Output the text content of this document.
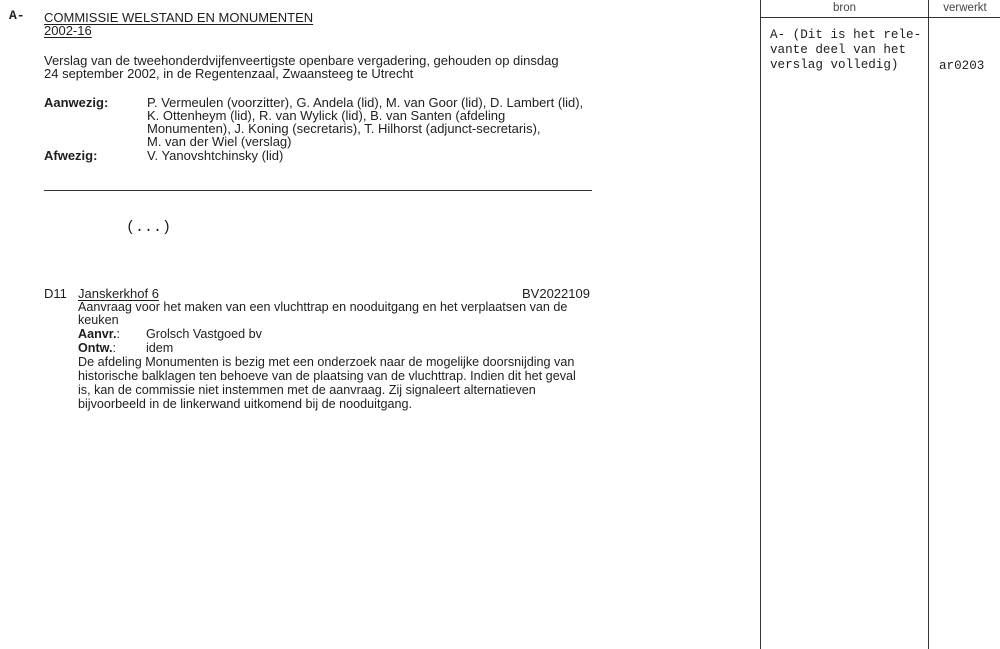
A- COMMISSIE WELSTAND EN MONUMENTEN
2002-16
Verslag van de tweehonderdvijfenveertigste openbare vergadering, gehouden op dinsdag
24 september 2002, in de Regentenzaal, Zwaansteeg te Utrecht
Aanwezig:	P. Vermeulen (voorzitter), G. Andela (lid), M. van Goor (lid), D. Lambert (lid),
K. Ottenheym (lid), R. van Wylick (lid), B. van Santen (afdeling
Monumenten), J. Koning (secretaris), T. Hilhorst (adjunct-secretaris),
M. van der Wiel (verslag)
Afwezig:	V. Yanovshtchinsky (lid)
(...)
D11 Janskerkhof 6	BV2022109
Aanvraag voor het maken van een vluchttrap en nooduitgang en het verplaatsen van de
keuken
Aanvr.: Grolsch Vastgoed bv
Ontw.: idem
De afdeling Monumenten is bezig met een onderzoek naar de mogelijke doorsnijding van
historische balklagen ten behoeve van de plaatsing van de vluchttrap. Indien dit het geval
is, kan de commissie niet instemmen met de aanvraag. Zij signaleert alternatieven
bijvoorbeeld in de linkerwand uitkomend bij de nooduitgang.
bron	verwerkt
A- (Dit is het rele-
vante deel van het
verslag volledig)	ar0203
